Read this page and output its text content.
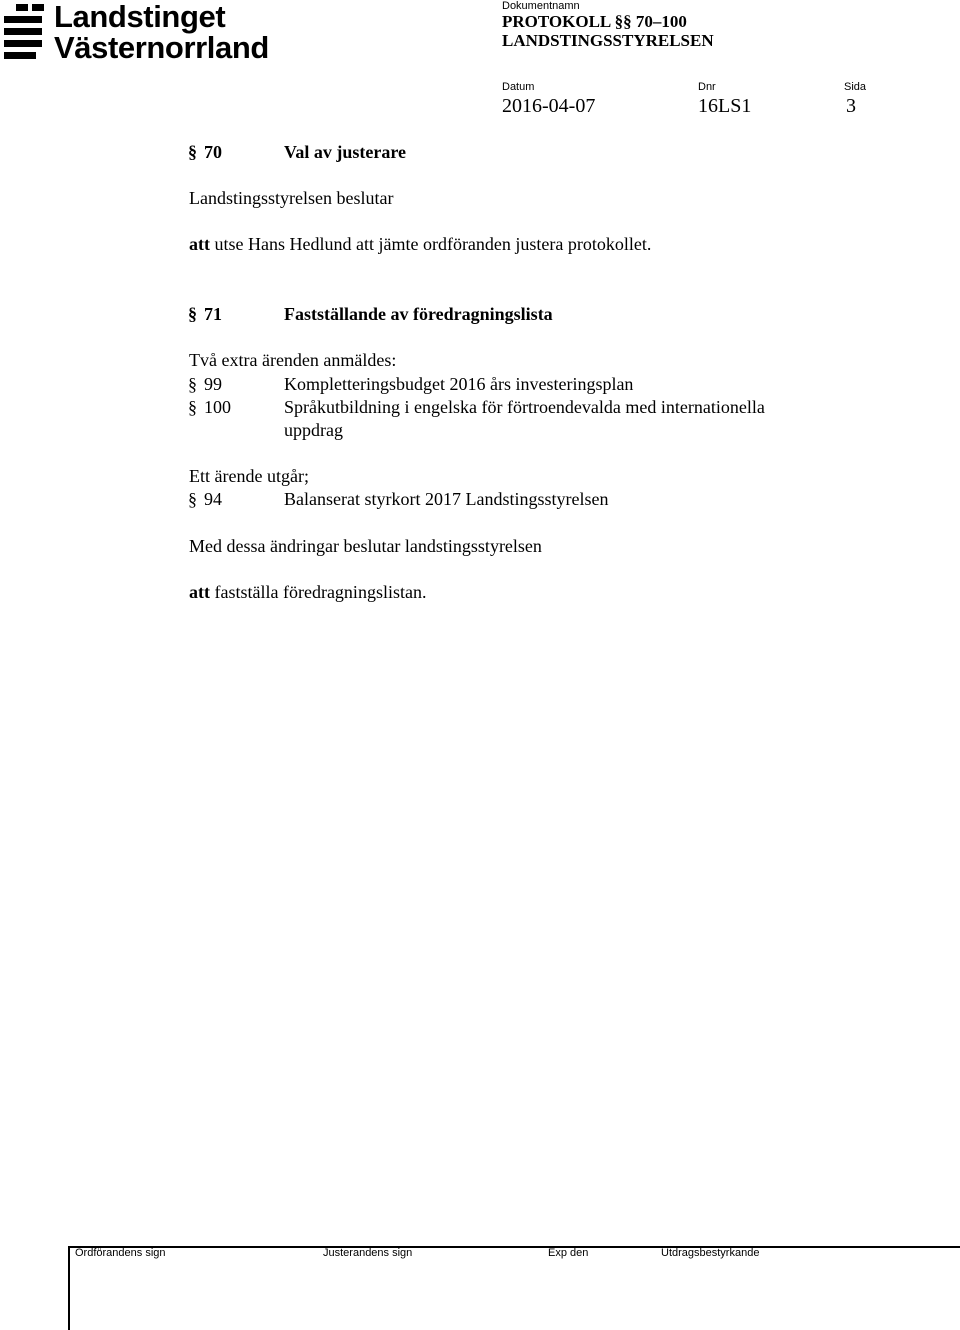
Landstinget
Västernorrland
Dokumentnamn
PROTOKOLL §§ 70–100
LANDSTINGSSTYRELSEN
Datum
2016-04-07
Dnr
16LS1
Sida
3
§ 70	Val av justerare
Landstingsstyrelsen beslutar
att utse Hans Hedlund att jämte ordföranden justera protokollet.
§ 71	Fastställande av föredragningslista
Två extra ärenden anmäldes:
§ 99	Kompletteringsbudget 2016 års investeringsplan
§ 100	Språkutbildning i engelska för förtroendevalda med internationella
uppdrag
Ett ärende utgår;
§ 94	Balanserat styrkort 2017 Landstingsstyrelsen
Med dessa ändringar beslutar landstingsstyrelsen
att fastställa föredragningslistan.
Ordförandens sign	Justerandens sign	Exp den	Utdragsbestyrkande
